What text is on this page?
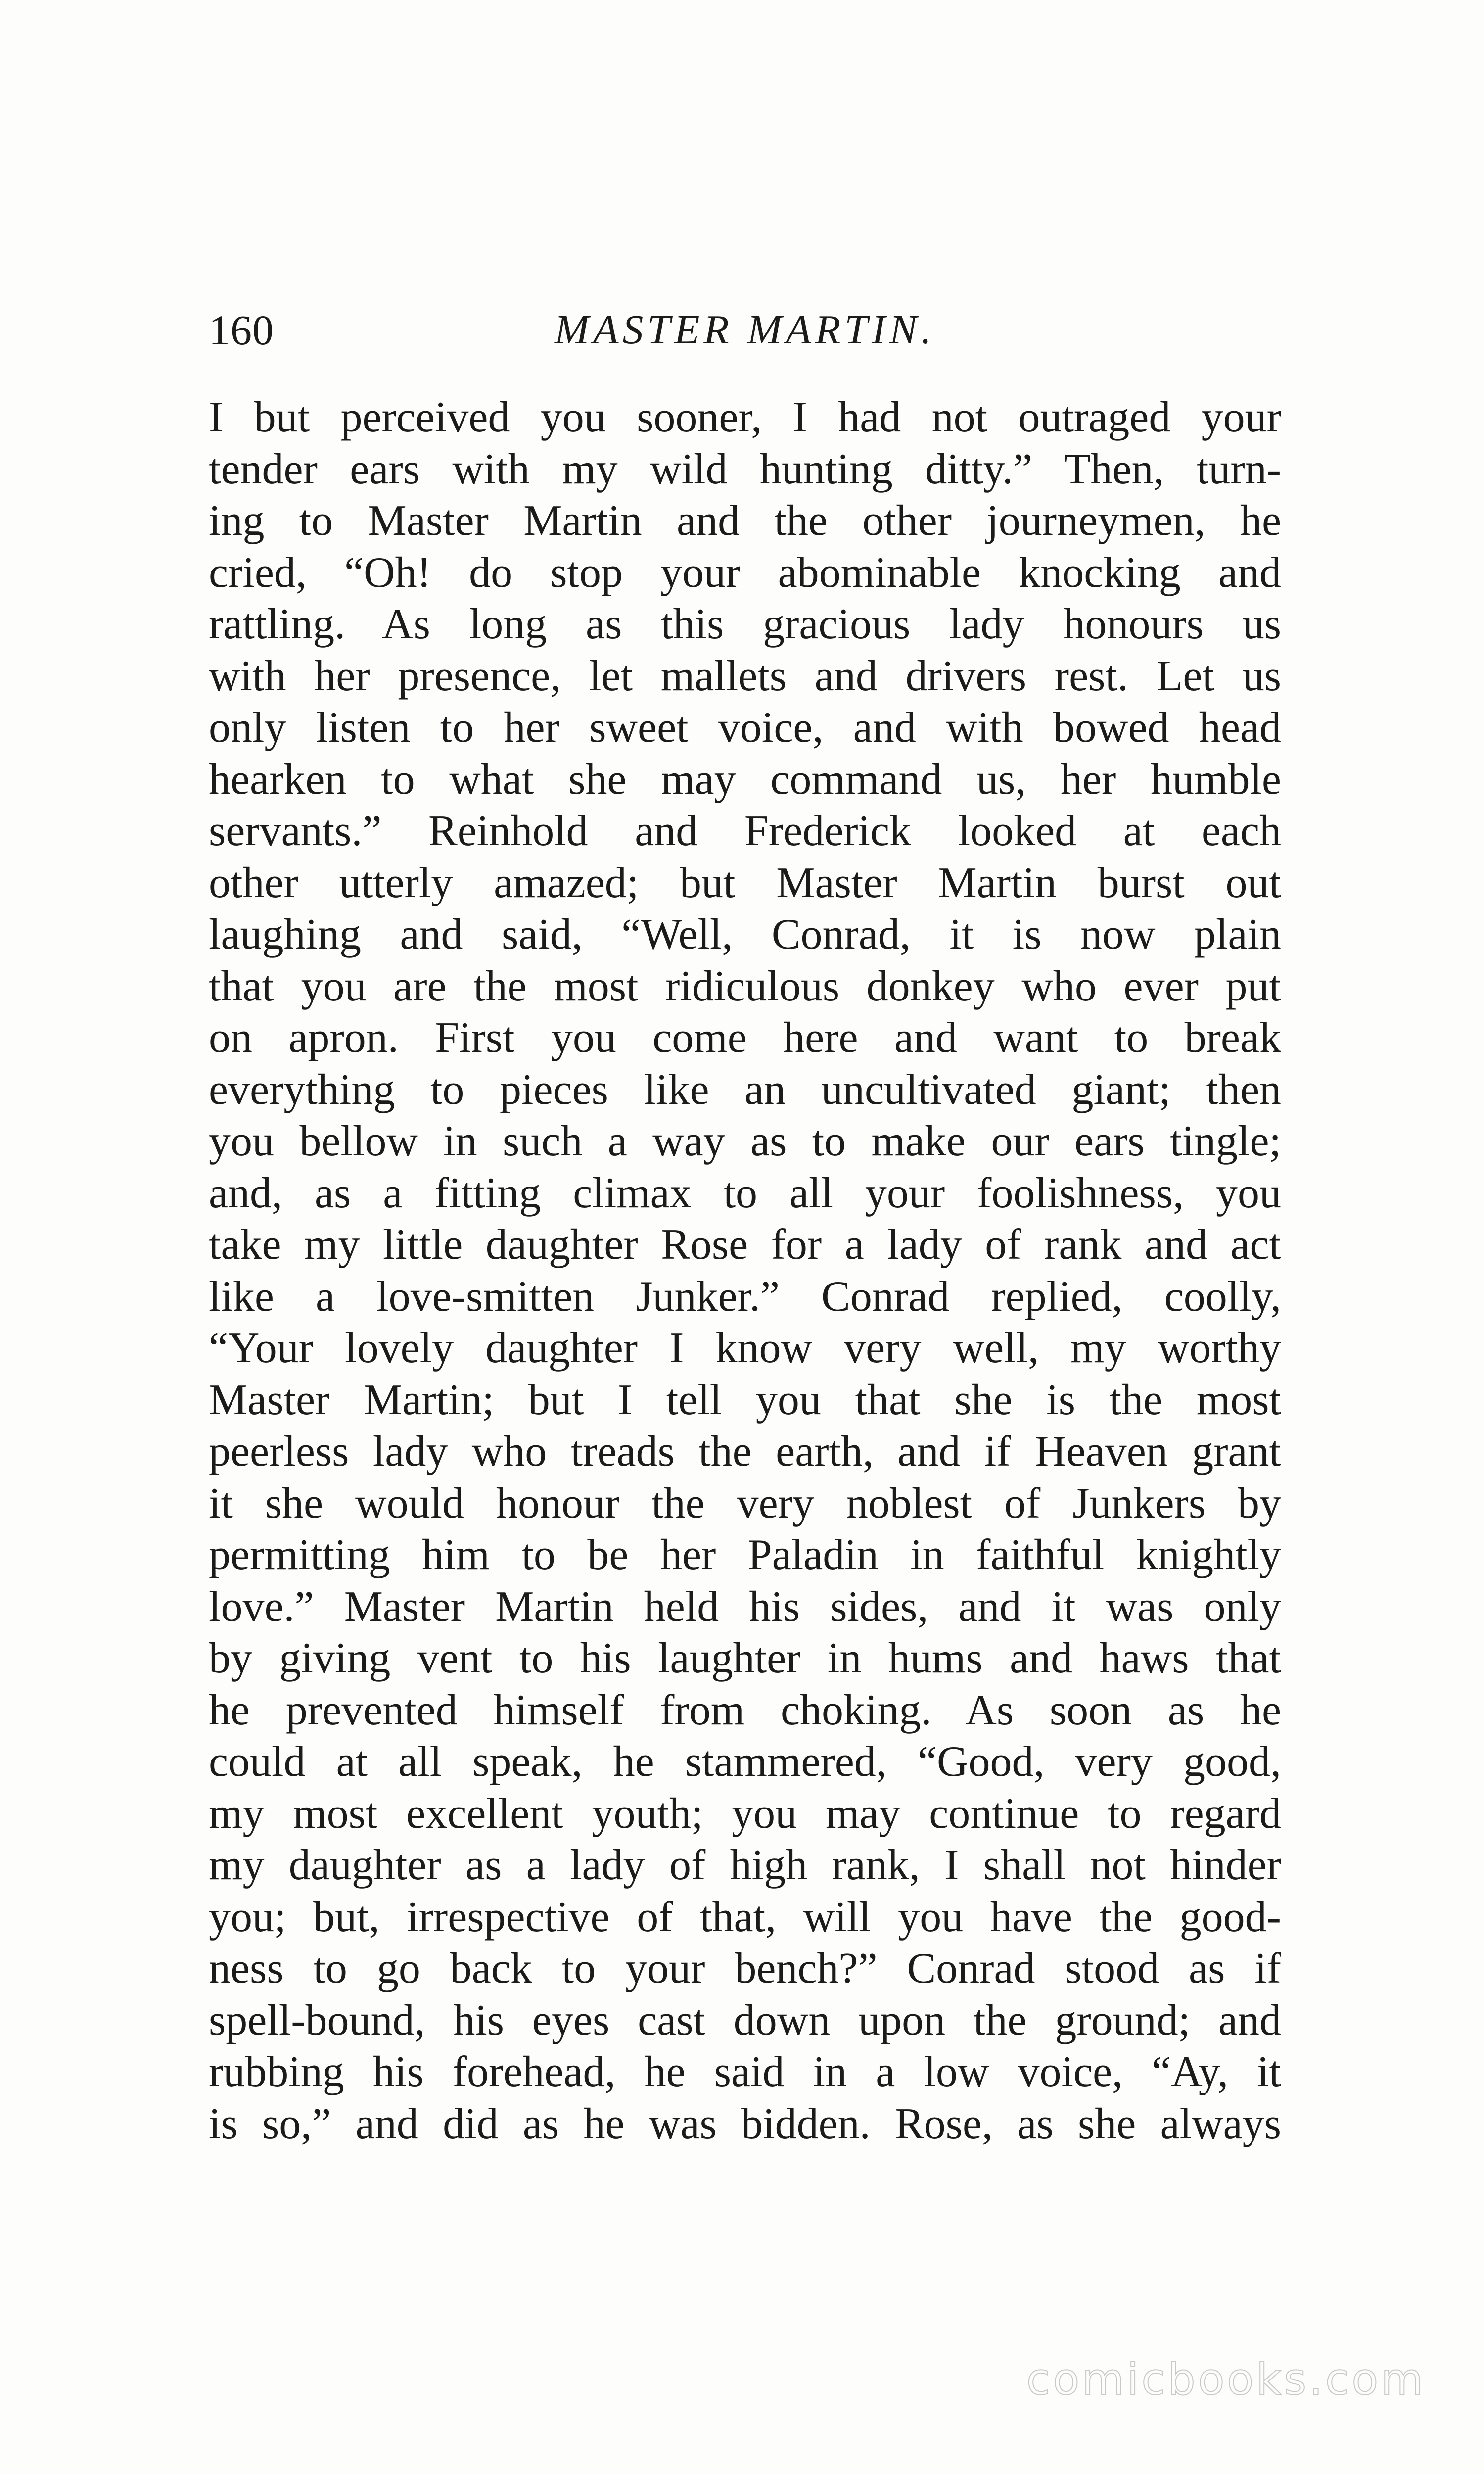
160	MASTER MARTIN.
I but perceived you sooner, I had not outraged your
tender ears with my wild hunting ditty.” Then, turn-
ing to Master Martin and the other journeymen, he
cried, “Oh! do stop your abominable knocking and
rattling. As long as this gracious lady honours us
with her presence, let mallets and drivers rest. Let us
only listen to her sweet voice, and with bowed head
hearken to what she may command us, her humble
servants.” Reinhold and Frederick looked at each
other utterly amazed; but Master Martin burst out
laughing and said, “Well, Conrad, it is now plain
that you are the most ridiculous donkey who ever put
on apron. First you come here and want to break
everything to pieces like an uncultivated giant; then
you bellow in such a way as to make our ears tingle;
and, as a fitting climax to all your foolishness, you
take my little daughter Rose for a lady of rank and act
like a love-smitten Junker.” Conrad replied, coolly,
“Your lovely daughter I know very well, my worthy
Master Martin; but I tell you that she is the most
peerless lady who treads the earth, and if Heaven grant
it she would honour the very noblest of Junkers by
permitting him to be her Paladin in faithful knightly
love.” Master Martin held his sides, and it was only
by giving vent to his laughter in hums and haws that
he prevented himself from choking. As soon as he
could at all speak, he stammered, “Good, very good,
my most excellent youth; you may continue to regard
my daughter as a lady of high rank, I shall not hinder
you; but, irrespective of that, will you have the good-
ness to go back to your bench?” Conrad stood as if
spell-bound, his eyes cast down upon the ground; and
rubbing his forehead, he said in a low voice, “Ay, it
is so,” and did as he was bidden. Rose, as she always
comicbooks.com
